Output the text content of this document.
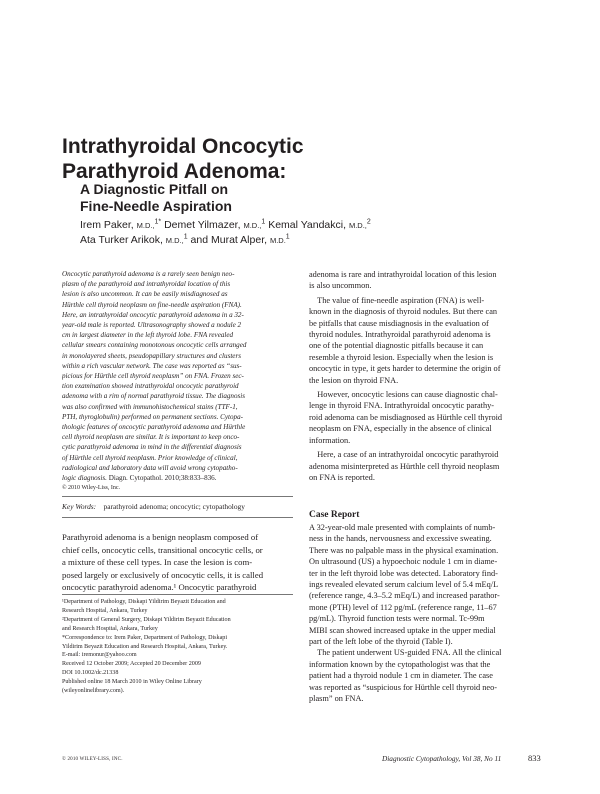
Intrathyroidal Oncocytic
Parathyroid Adenoma:
A Diagnostic Pitfall on
Fine-Needle Aspiration
Irem Paker, M.D.,$^{1*}$ Demet Yilmazer, M.D.,$^1$ Kemal Yandakci, M.D.,$^2$
Ata Turker Arikok, M.D.,$^1$ and Murat Alper, M.D.$^1$
Oncocytic parathyroid adenoma is a rarely seen benign neo-
plasm of the parathyroid and intrathyroidal location of this
lesion is also uncommon. It can be easily misdiagnosed as
Hürthle cell thyroid neoplasm on fine-needle aspiration (FNA).
Here, an intrathyroidal oncocytic parathyroid adenoma in a 32-
year-old male is reported. Ultrasonography showed a nodule 2
cm in largest diameter in the left thyroid lobe. FNA revealed
cellular smears containing monotonous oncocytic cells arranged
in monolayered sheets, pseudopapillary structures and clusters
within a rich vascular network. The case was reported as “sus-
picious for Hürthle cell thyroid neoplasm” on FNA. Frozen sec-
tion examination showed intrathyroidal oncocytic parathyroid
adenoma with a rim of normal parathyroid tissue. The diagnosis
was also confirmed with immunohistochemical stains (TTF-1,
PTH, thyroglobulin) performed on permanent sections. Cytopa-
thologic features of oncocytic parathyroid adenoma and Hürthle
cell thyroid neoplasm are similar. It is important to keep onco-
cytic parathyroid adenoma in mind in the differential diagnosis
of Hürthle cell thyroid neoplasm. Prior knowledge of clinical,
radiological and laboratory data will avoid wrong cytopatho-
logic diagnosis. Diagn. Cytopathol. 2010;38:833–836.
© 2010 Wiley-Liss, Inc.
Key Words: parathyroid adenoma; oncocytic; cytopathology
Parathyroid adenoma is a benign neoplasm composed of
chief cells, oncocytic cells, transitional oncocytic cells, or
a mixture of these cell types. In case the lesion is com-
posed largely or exclusively of oncocytic cells, it is called
oncocytic parathyroid adenoma.¹ Oncocytic parathyroid
¹Department of Pathology, Diskapi Yildirim Beyazit Education and
Research Hospital, Ankara, Turkey
²Department of General Surgery, Diskapi Yildirim Beyazit Education
and Research Hospital, Ankara, Turkey
*Correspondence to: Irem Paker, Department of Pathology, Diskapi
Yildirim Beyazit Education and Research Hospital, Ankara, Turkey.
E-mail: iremonur@yahoo.com
Received 12 October 2009; Accepted 20 December 2009
DOI 10.1002/dc.21338
Published online 18 March 2010 in Wiley Online Library
(wileyonlinelibrary.com).
adenoma is rare and intrathyroidal location of this lesion
is also uncommon.
The value of fine-needle aspiration (FNA) is well-
known in the diagnosis of thyroid nodules. But there can
be pitfalls that cause misdiagnosis in the evaluation of
thyroid nodules. Intrathyroidal parathyroid adenoma is
one of the potential diagnostic pitfalls because it can
resemble a thyroid lesion. Especially when the lesion is
oncocytic in type, it gets harder to determine the origin of
the lesion on thyroid FNA.
However, oncocytic lesions can cause diagnostic chal-
lenge in thyroid FNA. Intrathyroidal oncocytic parathy-
roid adenoma can be misdiagnosed as Hürthle cell thyroid
neoplasm on FNA, especially in the absence of clinical
information.
Here, a case of an intrathyroidal oncocytic parathyroid
adenoma misinterpreted as Hürthle cell thyroid neoplasm
on FNA is reported.
Case Report
A 32-year-old male presented with complaints of numb-
ness in the hands, nervousness and excessive sweating.
There was no palpable mass in the physical examination.
On ultrasound (US) a hypoechoic nodule 1 cm in diame-
ter in the left thyroid lobe was detected. Laboratory find-
ings revealed elevated serum calcium level of 5.4 mEq/L
(reference range, 4.3–5.2 mEq/L) and increased parathor-
mone (PTH) level of 112 pg/mL (reference range, 11–67
pg/mL). Thyroid function tests were normal. Tc-99m
MIBI scan showed increased uptake in the upper medial
part of the left lobe of the thyroid (Table I).
The patient underwent US-guided FNA. All the clinical
information known by the cytopathologist was that the
patient had a thyroid nodule 1 cm in diameter. The case
was reported as “suspicious for Hürthle cell thyroid neo-
plasm” on FNA.
© 2010 WILEY-LISS, INC.	Diagnostic Cytopathology, Vol 38, No 11	833
